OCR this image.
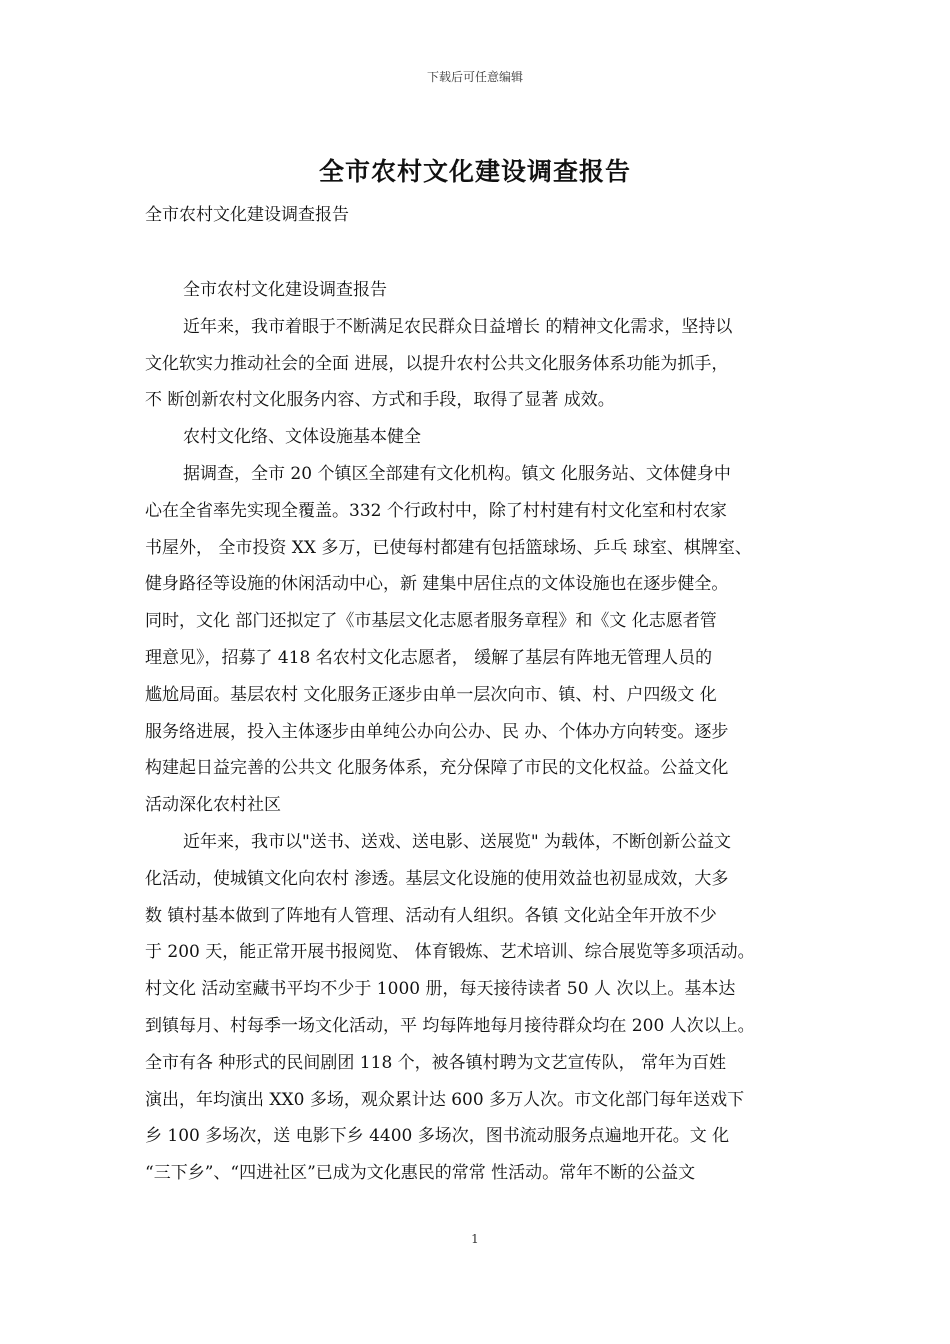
下载后可任意编辑
全市农村文化建设调查报告
全市农村文化建设调查报告
全市农村文化建设调查报告
近年来，我市着眼于不断满足农民群众日益增长 的精神文化需求，坚持以
文化软实力推动社会的全面 进展，以提升农村公共文化服务体系功能为抓手，
不 断创新农村文化服务内容、方式和手段，取得了显著 成效。
农村文化络、文体设施基本健全
据调查，全市 20 个镇区全部建有文化机构。镇文 化服务站、文体健身中
心在全省率先实现全覆盖。332 个行政村中，除了村村建有村文化室和村农家
书屋外， 全市投资 XX 多万，已使每村都建有包括篮球场、乒乓 球室、棋牌室、
健身路径等设施的休闲活动中心，新 建集中居住点的文体设施也在逐步健全。
同时，文化 部门还拟定了《市基层文化志愿者服务章程》和《文 化志愿者管
理意见》，招募了 418 名农村文化志愿者， 缓解了基层有阵地无管理人员的
尴尬局面。基层农村 文化服务正逐步由单一层次向市、镇、村、户四级文 化
服务络进展，投入主体逐步由单纯公办向公办、民 办、个体办方向转变。逐步
构建起日益完善的公共文 化服务体系，充分保障了市民的文化权益。公益文化
活动深化农村社区
近年来，我市以"送书、送戏、送电影、送展览" 为载体，不断创新公益文
化活动，使城镇文化向农村 渗透。基层文化设施的使用效益也初显成效，大多
数 镇村基本做到了阵地有人管理、活动有人组织。各镇 文化站全年开放不少
于 200 天，能正常开展书报阅览、 体育锻炼、艺术培训、综合展览等多项活动。
村文化 活动室藏书平均不少于 1000 册，每天接待读者 50 人 次以上。基本达
到镇每月、村每季一场文化活动，平 均每阵地每月接待群众均在 200 人次以上。
全市有各 种形式的民间剧团 118 个，被各镇村聘为文艺宣传队， 常年为百姓
演出，年均演出 XX0 多场，观众累计达 600 多万人次。市文化部门每年送戏下
乡 100 多场次，送 电影下乡 4400 多场次，图书流动服务点遍地开花。文 化
“三下乡”、“四进社区”已成为文化惠民的常常 性活动。常年不断的公益文
1
